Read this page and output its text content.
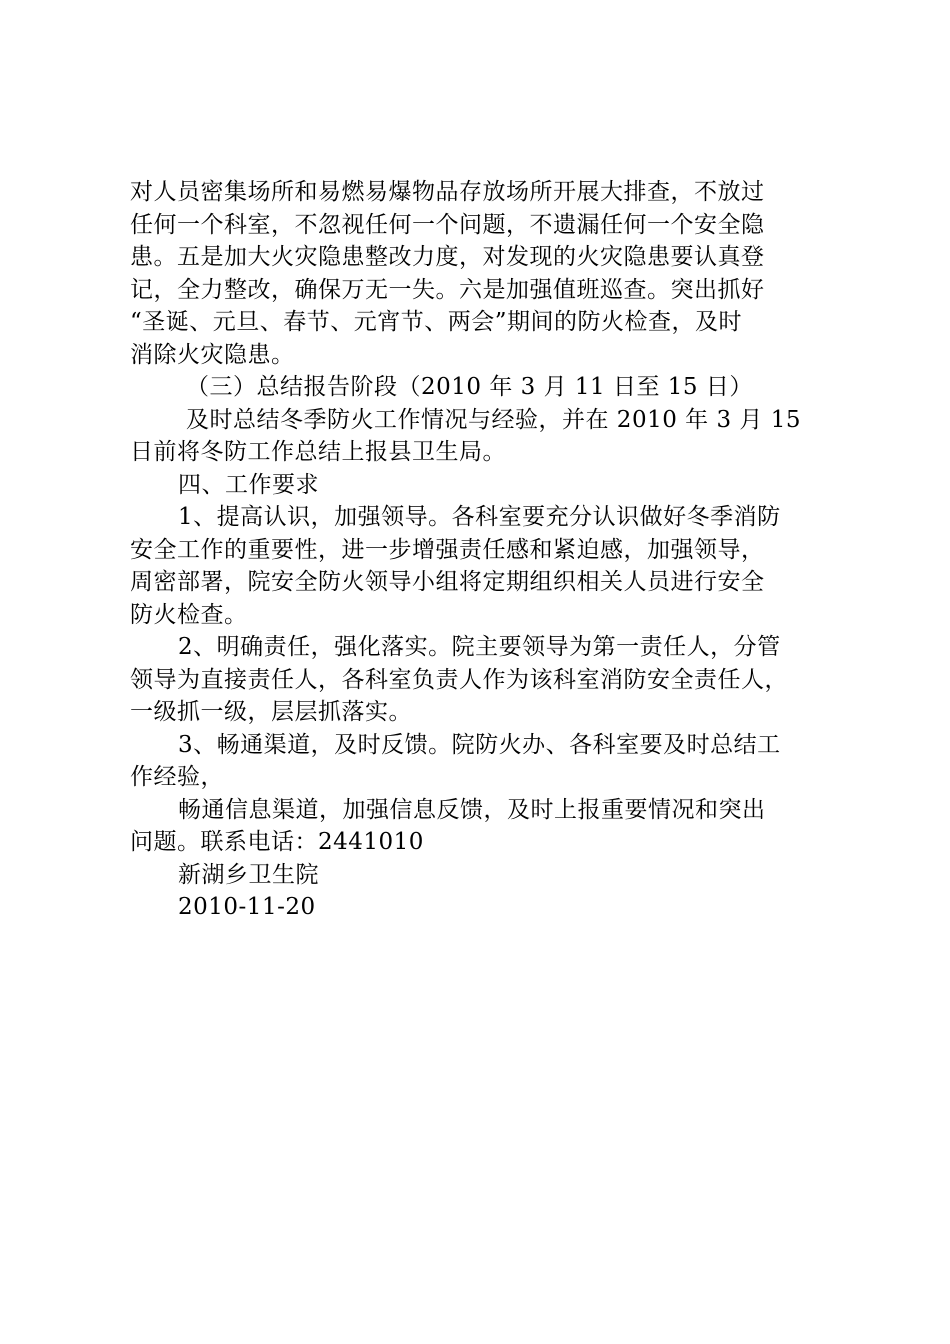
对人员密集场所和易燃易爆物品存放场所开展大排查，不放过
任何一个科室，不忽视任何一个问题，不遗漏任何一个安全隐
患。五是加大火灾隐患整改力度，对发现的火灾隐患要认真登
记，全力整改，确保万无一失。六是加强值班巡查。突出抓好
“圣诞、元旦、春节、元宵节、两会”期间的防火检查，及时
消除火灾隐患。
（三）总结报告阶段（2010 年 3 月 11 日至 15 日）
及时总结冬季防火工作情况与经验，并在 2010 年 3 月 15
日前将冬防工作总结上报县卫生局。
四、工作要求
1、提高认识，加强领导。各科室要充分认识做好冬季消防
安全工作的重要性，进一步增强责任感和紧迫感，加强领导，
周密部署，院安全防火领导小组将定期组织相关人员进行安全
防火检查。
2、明确责任，强化落实。院主要领导为第一责任人，分管
领导为直接责任人，各科室负责人作为该科室消防安全责任人，
一级抓一级，层层抓落实。
3、畅通渠道，及时反馈。院防火办、各科室要及时总结工
作经验，
畅通信息渠道，加强信息反馈，及时上报重要情况和突出
问题。联系电话：2441010
新湖乡卫生院
2010-11-20
